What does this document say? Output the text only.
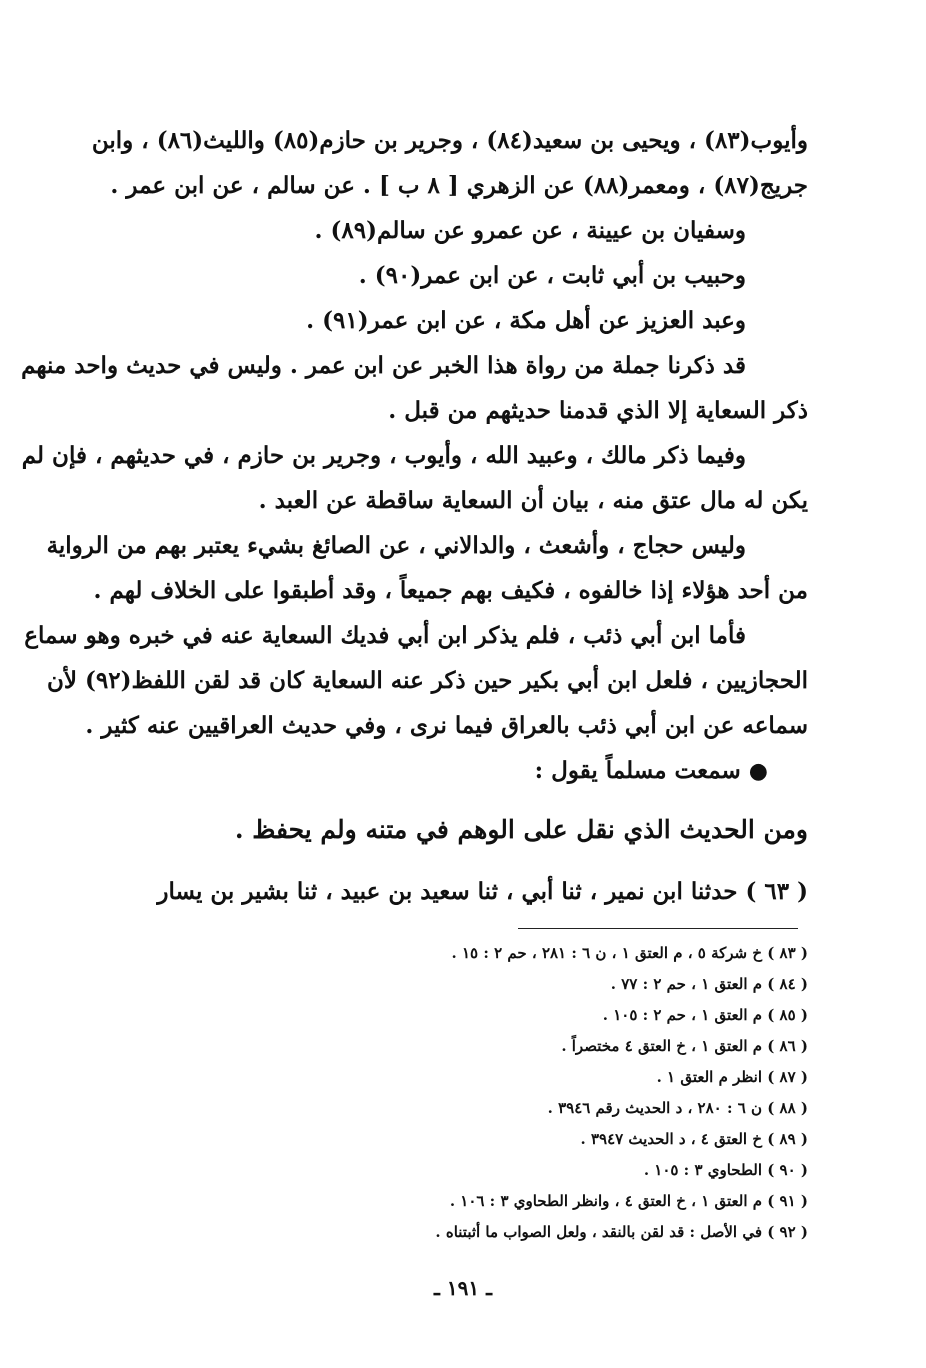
وأيوب(٨٣) ، ويحيى بن سعيد(٨٤) ، وجرير بن حازم(٨٥) والليث(٨٦) ، وابن
جريج(٨٧) ، ومعمر(٨٨) عن الزهري [ ٨ ب ] . عن سالم ، عن ابن عمر .
وسفيان بن عيينة ، عن عمرو عن سالم(٨٩) .
وحبيب بن أبي ثابت ، عن ابن عمر(٩٠) .
وعبد العزيز عن أهل مكة ، عن ابن عمر(٩١) .
قد ذكرنا جملة من رواة هذا الخبر عن ابن عمر . وليس في حديث واحد منهم
ذكر السعاية إلا الذي قدمنا حديثهم من قبل .
وفيما ذكر مالك ، وعبيد الله ، وأيوب ، وجرير بن حازم ، في حديثهم ، فإن لم
يكن له مال عتق منه ، بيان أن السعاية ساقطة عن العبد .
وليس حجاج ، وأشعث ، والدالاني ، عن الصائغ بشيء يعتبر بهم من الرواية
من أحد هؤلاء إذا خالفوه ، فكيف بهم جميعاً ، وقد أطبقوا على الخلاف لهم .
فأما ابن أبي ذئب ، فلم يذكر ابن أبي فديك السعاية عنه في خبره وهو سماع
الحجازيين ، فلعل ابن أبي بكير حين ذكر عنه السعاية كان قد لقن اللفظ(٩٢) لأن
سماعه عن ابن أبي ذئب بالعراق فيما نرى ، وفي حديث العراقيين عنه كثير .
●سمعت مسلماً يقول :
ومن الحديث الذي نقل على الوهم في متنه ولم يحفظ .
( ٦٣ ) حدثنا ابن نمير ، ثنا أبي ، ثنا سعيد بن عبيد ، ثنا بشير بن يسار
( ٨٣ ) خ شركة ٥ ، م العتق ١ ، ن ٦ : ٢٨١ ، حم ٢ : ١٥ .
( ٨٤ ) م العتق ١ ، حم ٢ : ٧٧ .
( ٨٥ ) م العتق ١ ، حم ٢ : ١٠٥ .
( ٨٦ ) م العتق ١ ، خ العتق ٤ مختصراً .
( ٨٧ ) انظر م العتق ١ .
( ٨٨ ) ن ٦ : ٢٨٠ ، د الحديث رقم ٣٩٤٦ .
( ٨٩ ) خ العتق ٤ ، د الحديث ٣٩٤٧ .
( ٩٠ ) الطحاوي ٣ : ١٠٥ .
( ٩١ ) م العتق ١ ، خ العتق ٤ ، وانظر الطحاوي ٣ : ١٠٦ .
( ٩٢ ) في الأصل : قد لقن بالنقد ، ولعل الصواب ما أثبتناه .
ـ ١٩١ ـ
